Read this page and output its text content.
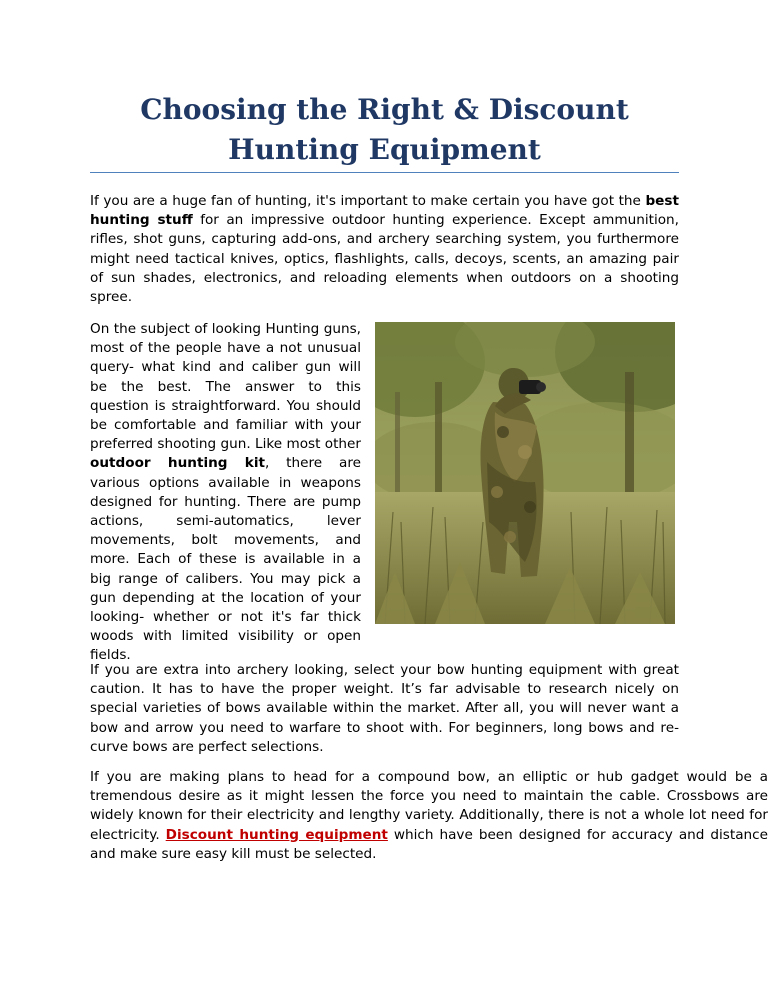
Choosing the Right & Discount Hunting Equipment

If you are a huge fan of hunting, it's important to make certain you have got the best hunting stuff for an impressive outdoor hunting experience. Except ammunition, rifles, shot guns, capturing add-ons, and archery searching system, you furthermore might need tactical knives, optics, flashlights, calls, decoys, scents, an amazing pair of sun shades, electronics, and reloading elements when outdoors on a shooting spree.

On the subject of looking Hunting guns, most of the people have a not unusual query- what kind and caliber gun will be the best. The answer to this question is straightforward. You should be comfortable and familiar with your preferred shooting gun. Like most other outdoor hunting kit, there are various options available in weapons designed for hunting. There are pump actions, semi-automatics, lever movements, bolt movements, and more. Each of these is available in a big range of calibers. You may pick a gun depending at the location of your looking- whether or not it's far thick woods with limited visibility or open fields.

If you are extra into archery looking, select your bow hunting equipment with great caution. It has to have the proper weight. It’s far advisable to research nicely on special varieties of bows available within the market. After all, you will never want a bow and arrow you need to warfare to shoot with. For beginners, long bows and re-curve bows are perfect selections.

If you are making plans to head for a compound bow, an elliptic or hub gadget would be a tremendous desire as it might lessen the force you need to maintain the cable. Crossbows are widely known for their electricity and lengthy variety. Additionally, there is not a whole lot need for electricity. Discount hunting equipment which have been designed for accuracy and distance and make sure easy kill must be selected.
